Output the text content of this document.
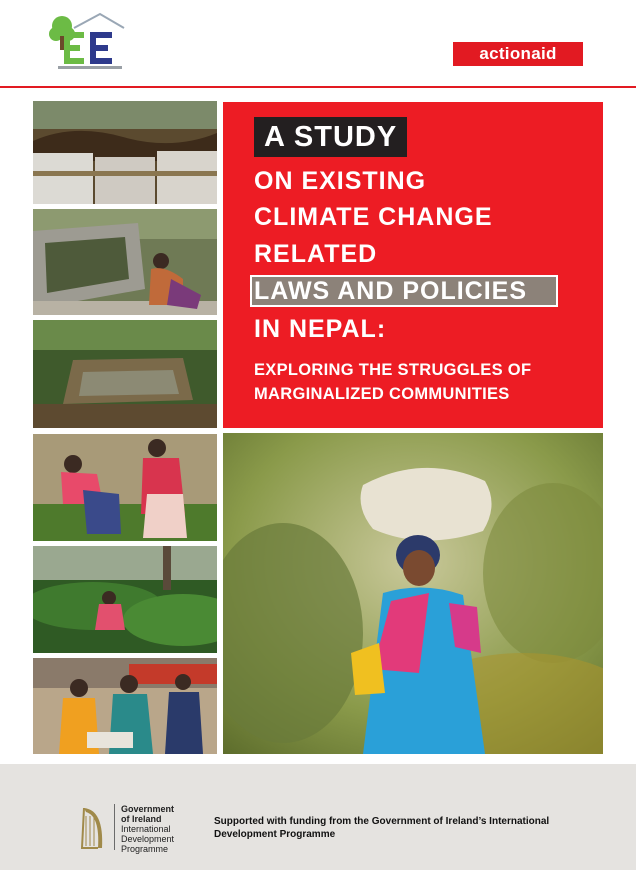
actionaid
A STUDY
ON EXISTING
CLIMATE CHANGE
RELATED
LAWS AND POLICIES
IN NEPAL:
EXPLORING THE STRUGGLES OF
MARGINALIZED COMMUNITIES
Government
of Ireland
International
Development
Programme
Supported with funding from the Government of Ireland’s International Development Programme
